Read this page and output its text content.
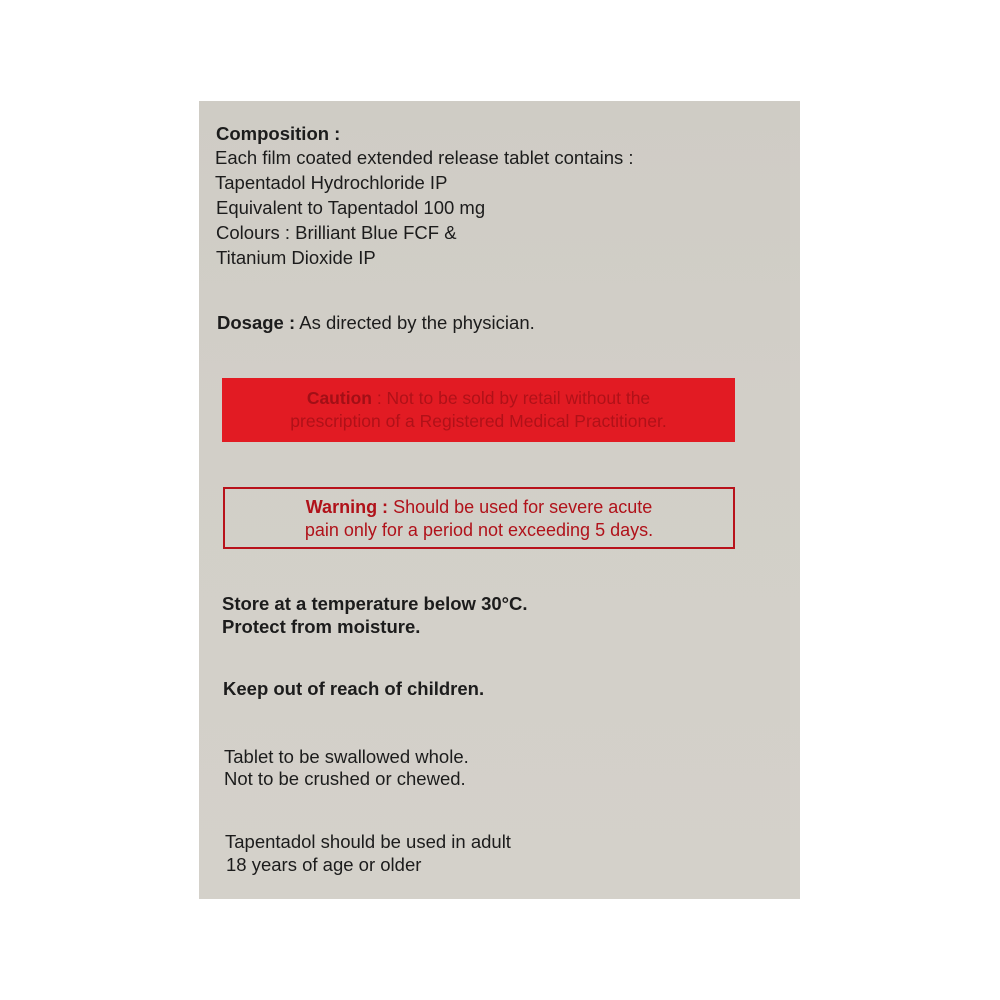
Composition :
Each film coated extended release tablet contains :
Tapentadol Hydrochloride IP
Equivalent to Tapentadol 100 mg
Colours : Brilliant Blue FCF &
Titanium Dioxide IP
Dosage : As directed by the physician.
Caution : Not to be sold by retail without the
prescription of a Registered Medical Practitioner.
Warning : Should be used for severe acute
pain only for a period not exceeding 5 days.
Store at a temperature below 30°C.
Protect from moisture.
Keep out of reach of children.
Tablet to be swallowed whole.
Not to be crushed or chewed.
Tapentadol should be used in adult
18 years of age or older
